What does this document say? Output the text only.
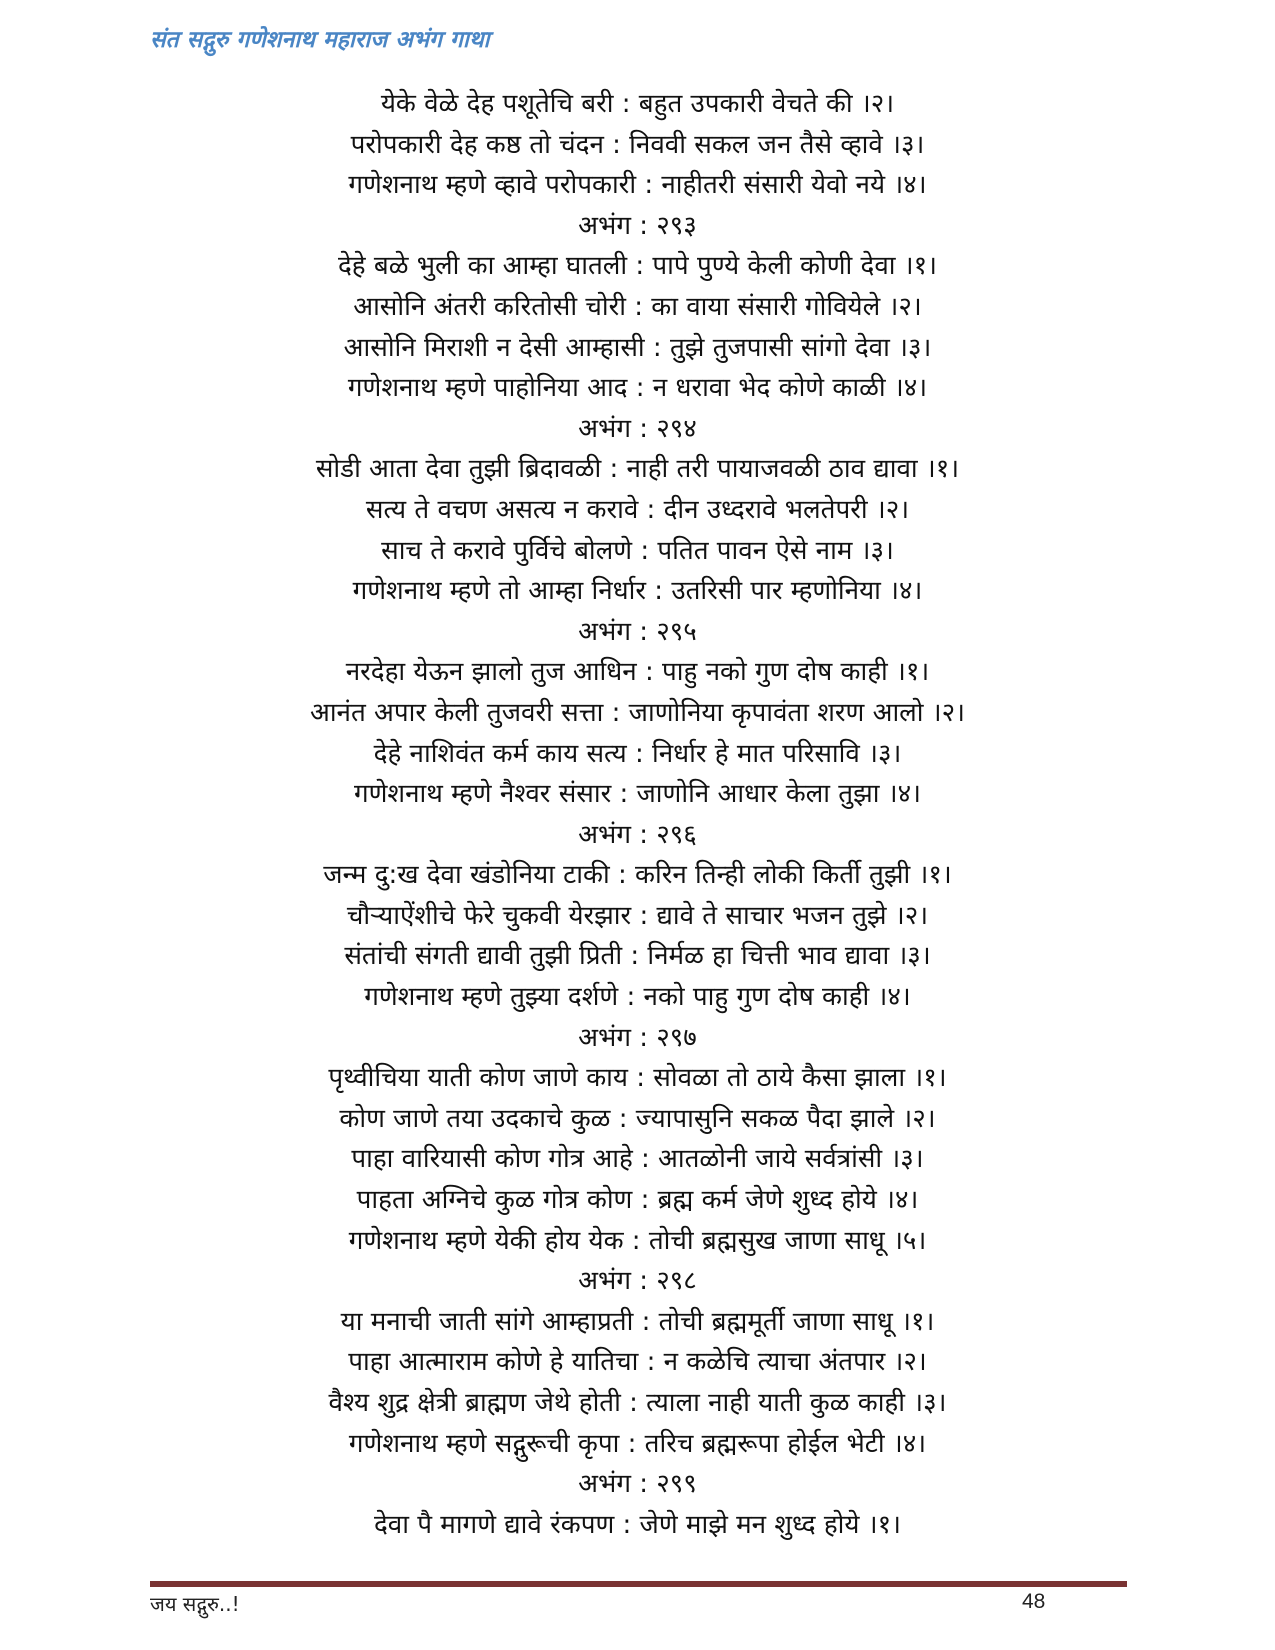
संत सद्गुरु गणेशनाथ महाराज अभंग गाथा
येके वेळे देह पशूतेचि बरी : बहुत उपकारी वेचते की ।२।
परोपकारी देह कष्ठ तो चंदन : निववी सकल जन तैसे व्हावे ।३।
गणेशनाथ म्हणे व्हावे परोपकारी : नाहीतरी संसारी येवो नये ।४।
अभंग : २९३
देहे बळे भुली का आम्हा घातली : पापे पुण्ये केली कोणी देवा ।१।
आसोनि अंतरी करितोसी चोरी : का वाया संसारी गोवियेले ।२।
आसोनि मिराशी न देसी आम्हासी : तुझे तुजपासी सांगो देवा ।३।
गणेशनाथ म्हणे पाहोनिया आद : न धरावा भेद कोणे काळी ।४।
अभंग : २९४
सोडी आता देवा तुझी ब्रिदावळी : नाही तरी पायाजवळी ठाव द्यावा ।१।
सत्य ते वचण असत्य न करावे : दीन उध्दरावे भलतेपरी ।२।
साच ते करावे पुर्विचे बोलणे : पतित पावन ऐसे नाम ।३।
गणेशनाथ म्हणे तो आम्हा निर्धार : उतरिसी पार म्हणोनिया ।४।
अभंग : २९५
नरदेहा येऊन झालो तुज आधिन : पाहु नको गुण दोष काही ।१।
आनंत अपार केली तुजवरी सत्ता : जाणोनिया कृपावंता शरण आलो ।२।
देहे नाशिवंत कर्म काय सत्य : निर्धार हे मात परिसावि ।३।
गणेशनाथ म्हणे नैश्वर संसार : जाणोनि आधार केला तुझा ।४।
अभंग : २९६
जन्म दु:ख देवा खंडोनिया टाकी : करिन तिन्ही लोकी किर्ती तुझी ।१।
चौऱ्याऐंशीचे फेरे चुकवी येरझार : द्यावे ते साचार भजन तुझे ।२।
संतांची संगती द्यावी तुझी प्रिती : निर्मळ हा चित्ती भाव द्यावा ।३।
गणेशनाथ म्हणे तुझ्या दर्शणे : नको पाहु गुण दोष काही ।४।
अभंग : २९७
पृथ्वीचिया याती कोण जाणे काय : सोवळा तो ठाये कैसा झाला ।१।
कोण जाणे तया उदकाचे कुळ : ज्यापासुनि सकळ पैदा झाले ।२।
पाहा वारियासी कोण गोत्र आहे : आतळोनी जाये सर्वत्रांसी ।३।
पाहता अग्निचे कुळ गोत्र कोण : ब्रह्म कर्म जेणे शुध्द होये ।४।
गणेशनाथ म्हणे येकी होय येक : तोची ब्रह्मसुख जाणा साधू ।५।
अभंग : २९८
या मनाची जाती सांगे आम्हाप्रती : तोची ब्रह्ममूर्ती जाणा साधू ।१।
पाहा आत्माराम कोणे हे यातिचा : न कळेचि त्याचा अंतपार ।२।
वैश्य शुद्र क्षेत्री ब्राह्मण जेथे होती : त्याला नाही याती कुळ काही ।३।
गणेशनाथ म्हणे सद्गुरूची कृपा : तरिच ब्रह्मरूपा होईल भेटी ।४।
अभंग : २९९
देवा पै मागणे द्यावे रंकपण : जेणे माझे मन शुध्द होये ।१।
जय सद्गुरु..!	48
